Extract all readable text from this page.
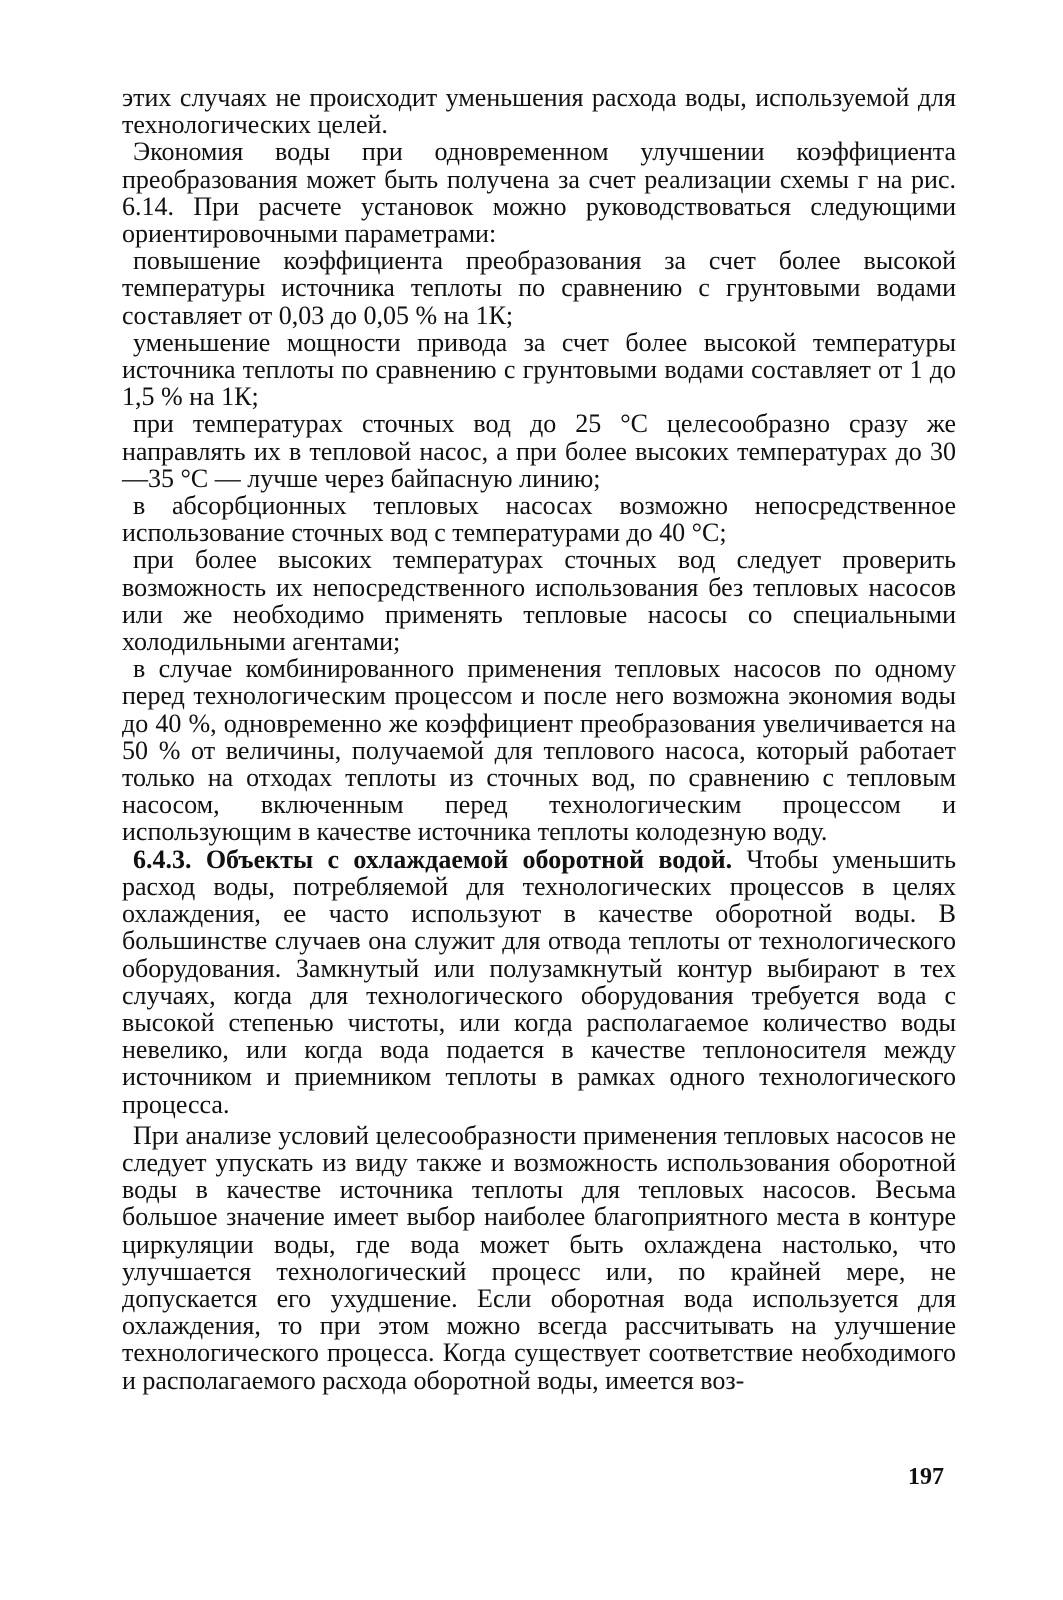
этих случаях не происходит уменьшения расхода воды, используемой для технологических целей.

Экономия воды при одновременном улучшении коэффициента преобразования может быть получена за счет реализации схемы г на рис. 6.14. При расчете установок можно руководствоваться следующими ориентировочными параметрами:

повышение коэффициента преобразования за счет более высокой температуры источника теплоты по сравнению с грунтовыми водами составляет от 0,03 до 0,05 % на 1К;

уменьшение мощности привода за счет более высокой температуры источника теплоты по сравнению с грунтовыми водами составляет от 1 до 1,5 % на 1К;

при температурах сточных вод до 25 °С целесообразно сразу же направлять их в тепловой насос, а при более высоких температурах до 30—35 °С — лучше через байпасную линию;

в абсорбционных тепловых насосах возможно непосредственное использование сточных вод с температурами до 40 °С;

при более высоких температурах сточных вод следует проверить возможность их непосредственного использования без тепловых насосов или же необходимо применять тепловые насосы со специальными холодильными агентами;

в случае комбинированного применения тепловых насосов по одному перед технологическим процессом и после него возможна экономия воды до 40 %, одновременно же коэффициент преобразования увеличивается на 50 % от величины, получаемой для теплового насоса, который работает только на отходах теплоты из сточных вод, по сравнению с тепловым насосом, включенным перед технологическим процессом и использующим в качестве источника теплоты колодезную воду.

6.4.3. Объекты с охлаждаемой оборотной водой. Чтобы уменьшить расход воды, потребляемой для технологических процессов в целях охлаждения, ее часто используют в качестве оборотной воды. В большинстве случаев она служит для отвода теплоты от технологического оборудования. Замкнутый или полузамкнутый контур выбирают в тех случаях, когда для технологического оборудования требуется вода с высокой степенью чистоты, или когда располагаемое количество воды невелико, или когда вода подается в качестве теплоносителя между источником и приемником теплоты в рамках одного технологического процесса.

При анализе условий целесообразности применения тепловых насосов не следует упускать из виду также и возможность использования оборотной воды в качестве источника теплоты для тепловых насосов. Весьма большое значение имеет выбор наиболее благоприятного места в контуре циркуляции воды, где вода может быть охлаждена настолько, что улучшается технологический процесс или, по крайней мере, не допускается его ухудшение. Если оборотная вода используется для охлаждения, то при этом можно всегда рассчитывать на улучшение технологического процесса. Когда существует соответствие необходимого и располагаемого расхода оборотной воды, имеется воз-

197
